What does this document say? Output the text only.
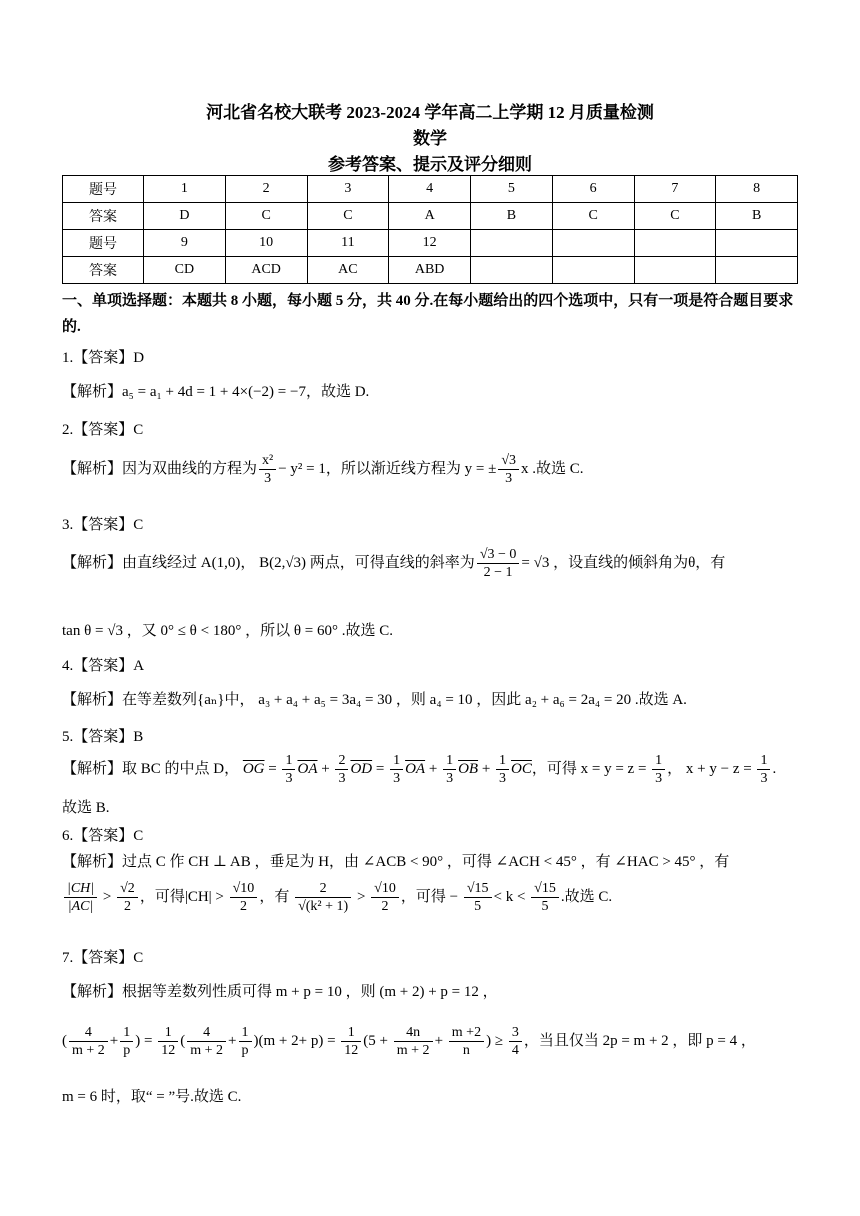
河北省名校大联考 2023-2024 学年高二上学期 12 月质量检测
数学
参考答案、提示及评分细则
题号	1	2	3	4	5	6	7	8
答案	D	C	C	A	B	C	C	B
题号	9	10	11	12				
答案	CD	ACD	AC	ABD				
一、单项选择题：本题共 8 小题，每小题 5 分，共 40 分.在每小题给出的四个选项中，只有一项是符合题目要求的.
1.【答案】D
【解析】a₅ = a₁ + 4d = 1 + 4×(−2) = −7，故选 D.
2.【答案】C
【解析】因为双曲线的方程为 $\frac{\text{x²}}{3} - y^2 = 1$，所以渐近线方程为 y = ± $\frac{√3}{3}$ x .故选 C.
3.【答案】C
【解析】由直线经过 A(1,0)， B(2,√3) 两点，可得直线的斜率为 $\frac{√3 - 0}{2 - 1} = √3$ ，设直线的倾斜角为θ，有
tan θ = √3 ，又 0° ≤ θ < 180° ，所以 θ = 60° .故选 C.
4.【答案】A
【解析】在等差数列{aₙ}中， a₃ + a₄ + a₅ = 3a₄ = 30 ，则 a₄ = 10 ，因此 a₂ + a₆ = 2a₄ = 20 .故选 A.
5.【答案】B
【解析】取 BC 的中点 D， $\overline{OG} = \frac{1}{3} \overline{OA} + \frac{2}{3} \overline{OD} = \frac{1}{3} \overline{OA} + \frac{1}{3} \overline{OB} + \frac{1}{3} \overline{OC}$，可得 $x = y = z = \frac{1}{3}$ ， $x + y - z = \frac{1}{3}$ .
故选 B.
6.【答案】C
【解析】过点 C 作 CH ⊥ AB ，垂足为 H，由 ∠ACB < 90° ，可得 ∠ACH < 45° ，有 ∠HAC > 45° ，有
$\frac{|CH|}{|AC|} > \frac{√2}{2}$ ，可得$|CH| > \frac{√10}{2}$ ，有 $\frac{2}{\text{√(k² + 1)}} > \frac{√10}{2}$ ，可得 − $\frac{√15}{5} < k < \frac{√15}{5}$ .故选 C.
7.【答案】C
【解析】根据等差数列性质可得 m + p = 10 ，则 (m + 2) + p = 12 ，
( $\frac{4}{m + 2} + \frac{1}{p}$ ) = $\frac{1}{12}$ ( $\frac{4}{m + 2} + \frac{1}{p} )(m + 2+ p) = \frac{1}{12} (5 + \frac{4n}{m + 2} + \frac{m +2}{n}$ ) ≥ $\frac{3}{4}$ ，当且仅当 2p = m + 2 ，即 p = 4 ，
m = 6 时，取“ = ”号.故选 C.
